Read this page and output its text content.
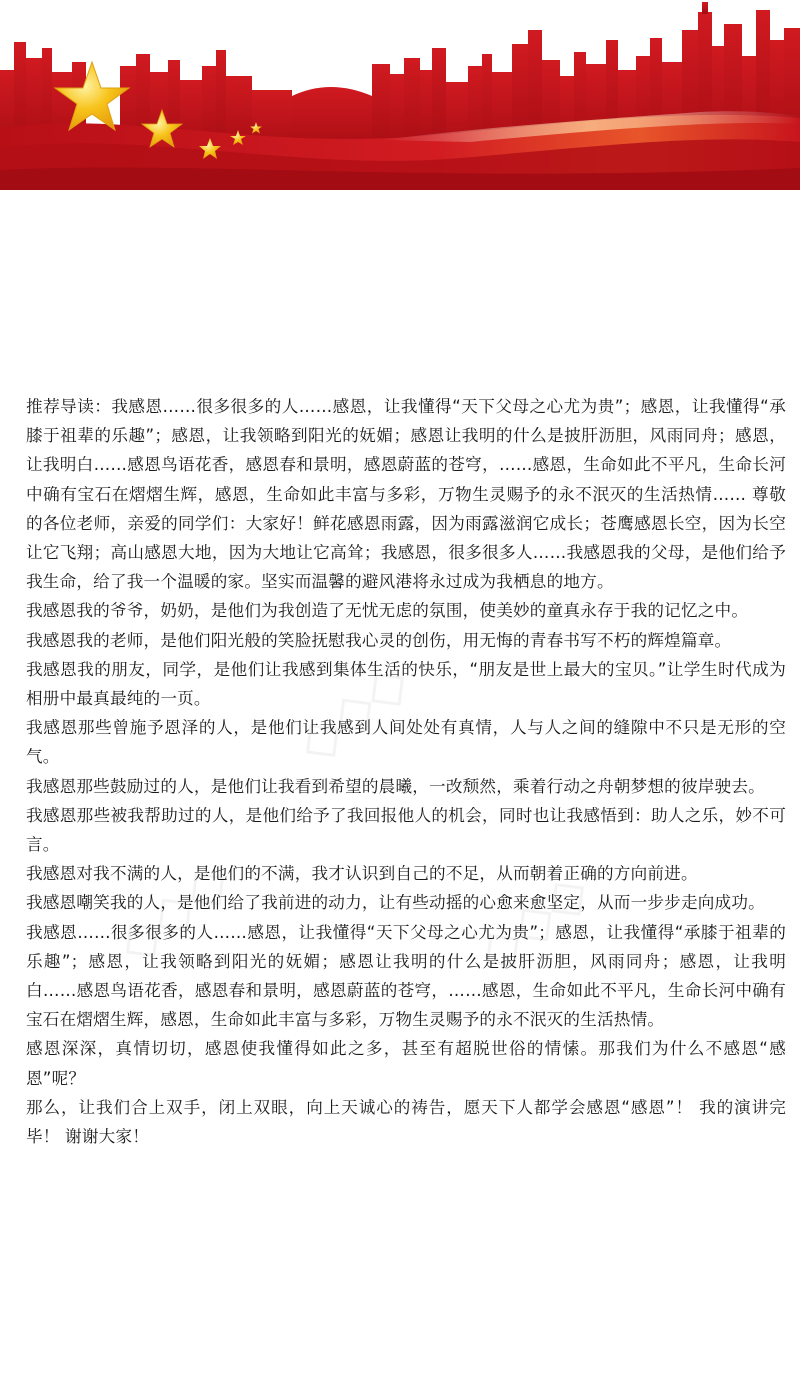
◇◇◇
◇◇◇	◇◇◇

推荐导读：我感恩……很多很多的人……感恩，让我懂得“天下父母之心尤为贵”；感恩，让我懂得“承膝于祖辈的乐趣”；感恩，让我领略到阳光的妩媚；感恩让我明的什么是披肝沥胆，风雨同舟；感恩，让我明白……感恩鸟语花香，感恩春和景明，感恩蔚蓝的苍穹，……感恩，生命如此不平凡，生命长河中确有宝石在熠熠生辉，感恩，生命如此丰富与多彩，万物生灵赐予的永不泯灭的生活热情…… 尊敬的各位老师，亲爱的同学们：大家好！鲜花感恩雨露，因为雨露滋润它成长；苍鹰感恩长空，因为长空让它飞翔；高山感恩大地，因为大地让它高耸；我感恩，很多很多人……我感恩我的父母，是他们给予我生命，给了我一个温暖的家。坚实而温馨的避风港将永过成为我栖息的地方。

我感恩我的爷爷，奶奶，是他们为我创造了无忧无虑的氛围，使美妙的童真永存于我的记忆之中。

我感恩我的老师，是他们阳光般的笑脸抚慰我心灵的创伤，用无悔的青春书写不朽的辉煌篇章。

我感恩我的朋友，同学，是他们让我感到集体生活的快乐，“朋友是世上最大的宝贝。”让学生时代成为相册中最真最纯的一页。

我感恩那些曾施予恩泽的人，是他们让我感到人间处处有真情，人与人之间的缝隙中不只是无形的空气。

我感恩那些鼓励过的人，是他们让我看到希望的晨曦，一改颓然，乘着行动之舟朝梦想的彼岸驶去。

我感恩那些被我帮助过的人，是他们给予了我回报他人的机会，同时也让我感悟到：助人之乐，妙不可言。

我感恩对我不满的人，是他们的不满，我才认识到自己的不足，从而朝着正确的方向前进。

我感恩嘲笑我的人，是他们给了我前进的动力，让有些动摇的心愈来愈坚定，从而一步步走向成功。

我感恩……很多很多的人……感恩，让我懂得“天下父母之心尤为贵”；感恩，让我懂得“承膝于祖辈的乐趣”；感恩，让我领略到阳光的妩媚；感恩让我明的什么是披肝沥胆，风雨同舟；感恩，让我明白……感恩鸟语花香，感恩春和景明，感恩蔚蓝的苍穹，……感恩，生命如此不平凡，生命长河中确有宝石在熠熠生辉，感恩，生命如此丰富与多彩，万物生灵赐予的永不泯灭的生活热情。

感恩深深，真情切切，感恩使我懂得如此之多，甚至有超脱世俗的情愫。那我们为什么不感恩“感恩”呢？

那么，让我们合上双手，闭上双眼，向上天诚心的祷告，愿天下人都学会感恩“感恩”！ 我的演讲完毕！ 谢谢大家！
